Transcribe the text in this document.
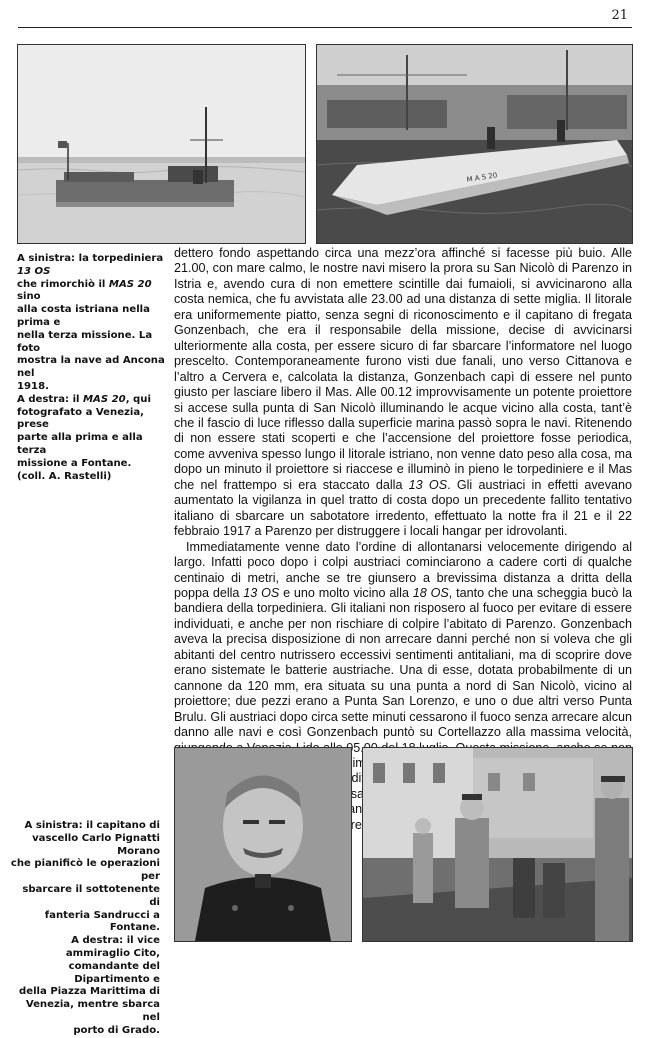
21
M A S 20

A sinistra: la torpediniera 13 OS

che rimorchiò il MAS 20 sino

alla costa istriana nella prima e

nella terza missione. La foto

mostra la nave ad Ancona nel

1918.

A destra: il MAS 20, qui

fotografato a Venezia, prese

parte alla prima e alla terza

missione a Fontane.

(coll. A. Rastelli)

dettero fondo aspettando circa una mezz’ora affinché si facesse più buio. Alle 21.00, con mare calmo, le nostre navi misero la prora su San Nicolò di Parenzo in Istria e, avendo cura di non emettere scintille dai fumaioli, si avvicinarono alla costa nemica, che fu avvistata alle 23.00 ad una distanza di sette miglia. Il litorale era uniformemente piatto, senza segni di riconoscimento e il capitano di fregata Gonzenbach, che era il responsabile della missione, decise di avvicinarsi ulteriormente alla costa, per essere sicuro di far sbarcare l’informatore nel luogo prescelto. Contemporaneamente furono visti due fanali, uno verso Cittanova e l’altro a Cervera e, calcolata la distanza, Gonzenbach capì di essere nel punto giusto per lasciare libero il Mas. Alle 00.12 improvvisamente un potente proiettore si accese sulla punta di San Nicolò illuminando le acque vicino alla costa, tant’è che il fascio di luce riflesso dalla superficie marina passò sopra le navi. Ritenendo di non essere stati scoperti e che l’accensione del proiettore fosse periodica, come avveniva spesso lungo il litorale istriano, non venne dato peso alla cosa, ma dopo un minuto il proiettore si riaccese e illuminò in pieno le torpediniere e il Mas che nel frattempo si era staccato dalla 13 OS. Gli austriaci in effetti avevano aumentato la vigilanza in quel tratto di costa dopo un precedente fallito tentativo italiano di sbarcare un sabotatore irredento, effettuato la notte fra il 21 e il 22 febbraio 1917 a Parenzo per distruggere i locali hangar per idrovolanti.

Immediatamente venne dato l’ordine di allontanarsi velocemente dirigendo al largo. Infatti poco dopo i colpi austriaci cominciarono a cadere corti di qualche centinaio di metri, anche se tre giunsero a brevissima distanza a dritta della poppa della 13 OS e uno molto vicino alla 18 OS, tanto che una scheggia bucò la bandiera della torpediniera. Gli italiani non risposero al fuoco per evitare di essere individuati, e anche per non rischiare di colpire l’abitato di Parenzo. Gonzenbach aveva la precisa disposizione di non arrecare danni perché non si voleva che gli abitanti del centro nutrissero eccessivi sentimenti antitaliani, ma di scoprire dove erano sistemate le batterie austriache. Una di esse, dotata probabilmente di un cannone da 120 mm, era situata su una punta a nord di San Nicolò, vicino al proiettore; due pezzi erano a Punta San Lorenzo, e uno o due altri verso Punta Brulu. Gli austriaci dopo circa sette minuti cessarono il fuoco senza arrecare alcun danno alle navi e così Gonzenbach puntò su Cortellazzo alla massima velocità,

A sinistra: il capitano di

vascello Carlo Pignatti Morano

che pianificò le operazioni per

sbarcare il sottotenente di

fanteria Sandrucci a Fontane.

A destra: il vice ammiraglio Cito,

comandante del Dipartimento e

della Piazza Marittima di

Venezia, mentre sbarca nel

porto di Grado.
